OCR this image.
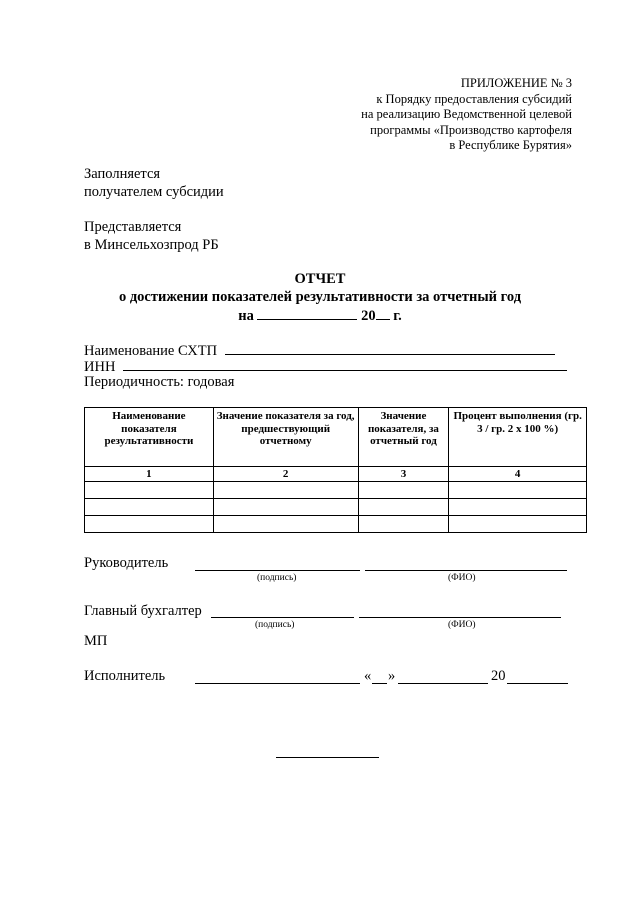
ПРИЛОЖЕНИЕ № 3
к Порядку предоставления субсидий
на реализацию Ведомственной целевой
программы «Производство картофеля
в Республике Бурятия»
Заполняется
получателем субсидии
Представляется
в Минсельхозпрод РБ
ОТЧЕТ
о достижении показателей результативности за отчетный год
на	20 г.
Наименование СХТП
ИНН
Периодичность: годовая
Наименование показателя результативности	Значение показателя за год, предшествующий отчетному	Значение показателя, за отчетный год	Процент выполнения (гр. 3 / гр. 2 х 100 %)
1	2	3	4

Руководитель
(подпись)	(ФИО)
Главный бухгалтер
(подпись)	(ФИО)
МП
Исполнитель	« »	20
